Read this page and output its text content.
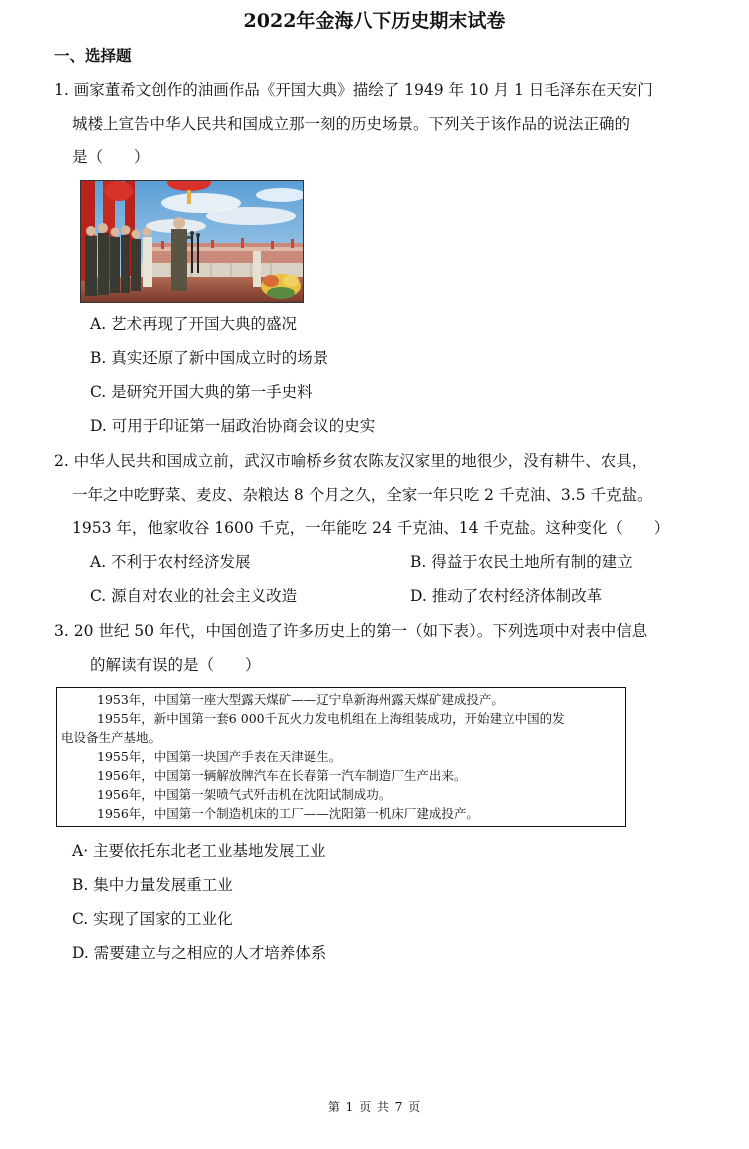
2022年金海八下历史期末试卷
一、选择题
1. 画家董希文创作的油画作品《开国大典》描绘了 1949 年 10 月 1 日毛泽东在天安门
城楼上宣告中华人民共和国成立那一刻的历史场景。下列关于该作品的说法正确的
是（　　）
A. 艺术再现了开国大典的盛况
B. 真实还原了新中国成立时的场景
C. 是研究开国大典的第一手史料
D. 可用于印证第一届政治协商会议的史实
2. 中华人民共和国成立前，武汉市喻桥乡贫农陈友汉家里的地很少，没有耕牛、农具，
一年之中吃野菜、麦皮、杂粮达 8 个月之久，全家一年只吃 2 千克油、3.5 千克盐。
1953 年，他家收谷 1600 千克，一年能吃 24 千克油、14 千克盐。这种变化（　　）
A. 不利于农村经济发展	B. 得益于农民土地所有制的建立
C. 源自对农业的社会主义改造	D. 推动了农村经济体制改革
3. 20 世纪 50 年代，中国创造了许多历史上的第一（如下表）。下列选项中对表中信息
的解读有误的是（　　）
1953年，中国第一座大型露天煤矿——辽宁阜新海州露天煤矿建成投产。
1955年，新中国第一套6 000千瓦火力发电机组在上海组装成功，开始建立中国的发
电设备生产基地。
1955年，中国第一块国产手表在天津诞生。
1956年，中国第一辆解放牌汽车在长春第一汽车制造厂生产出来。
1956年，中国第一架喷气式歼击机在沈阳试制成功。
1956年，中国第一个制造机床的工厂——沈阳第一机床厂建成投产。
A· 主要依托东北老工业基地发展工业
B. 集中力量发展重工业
C. 实现了国家的工业化
D. 需要建立与之相应的人才培养体系
第 1 页 共 7 页
